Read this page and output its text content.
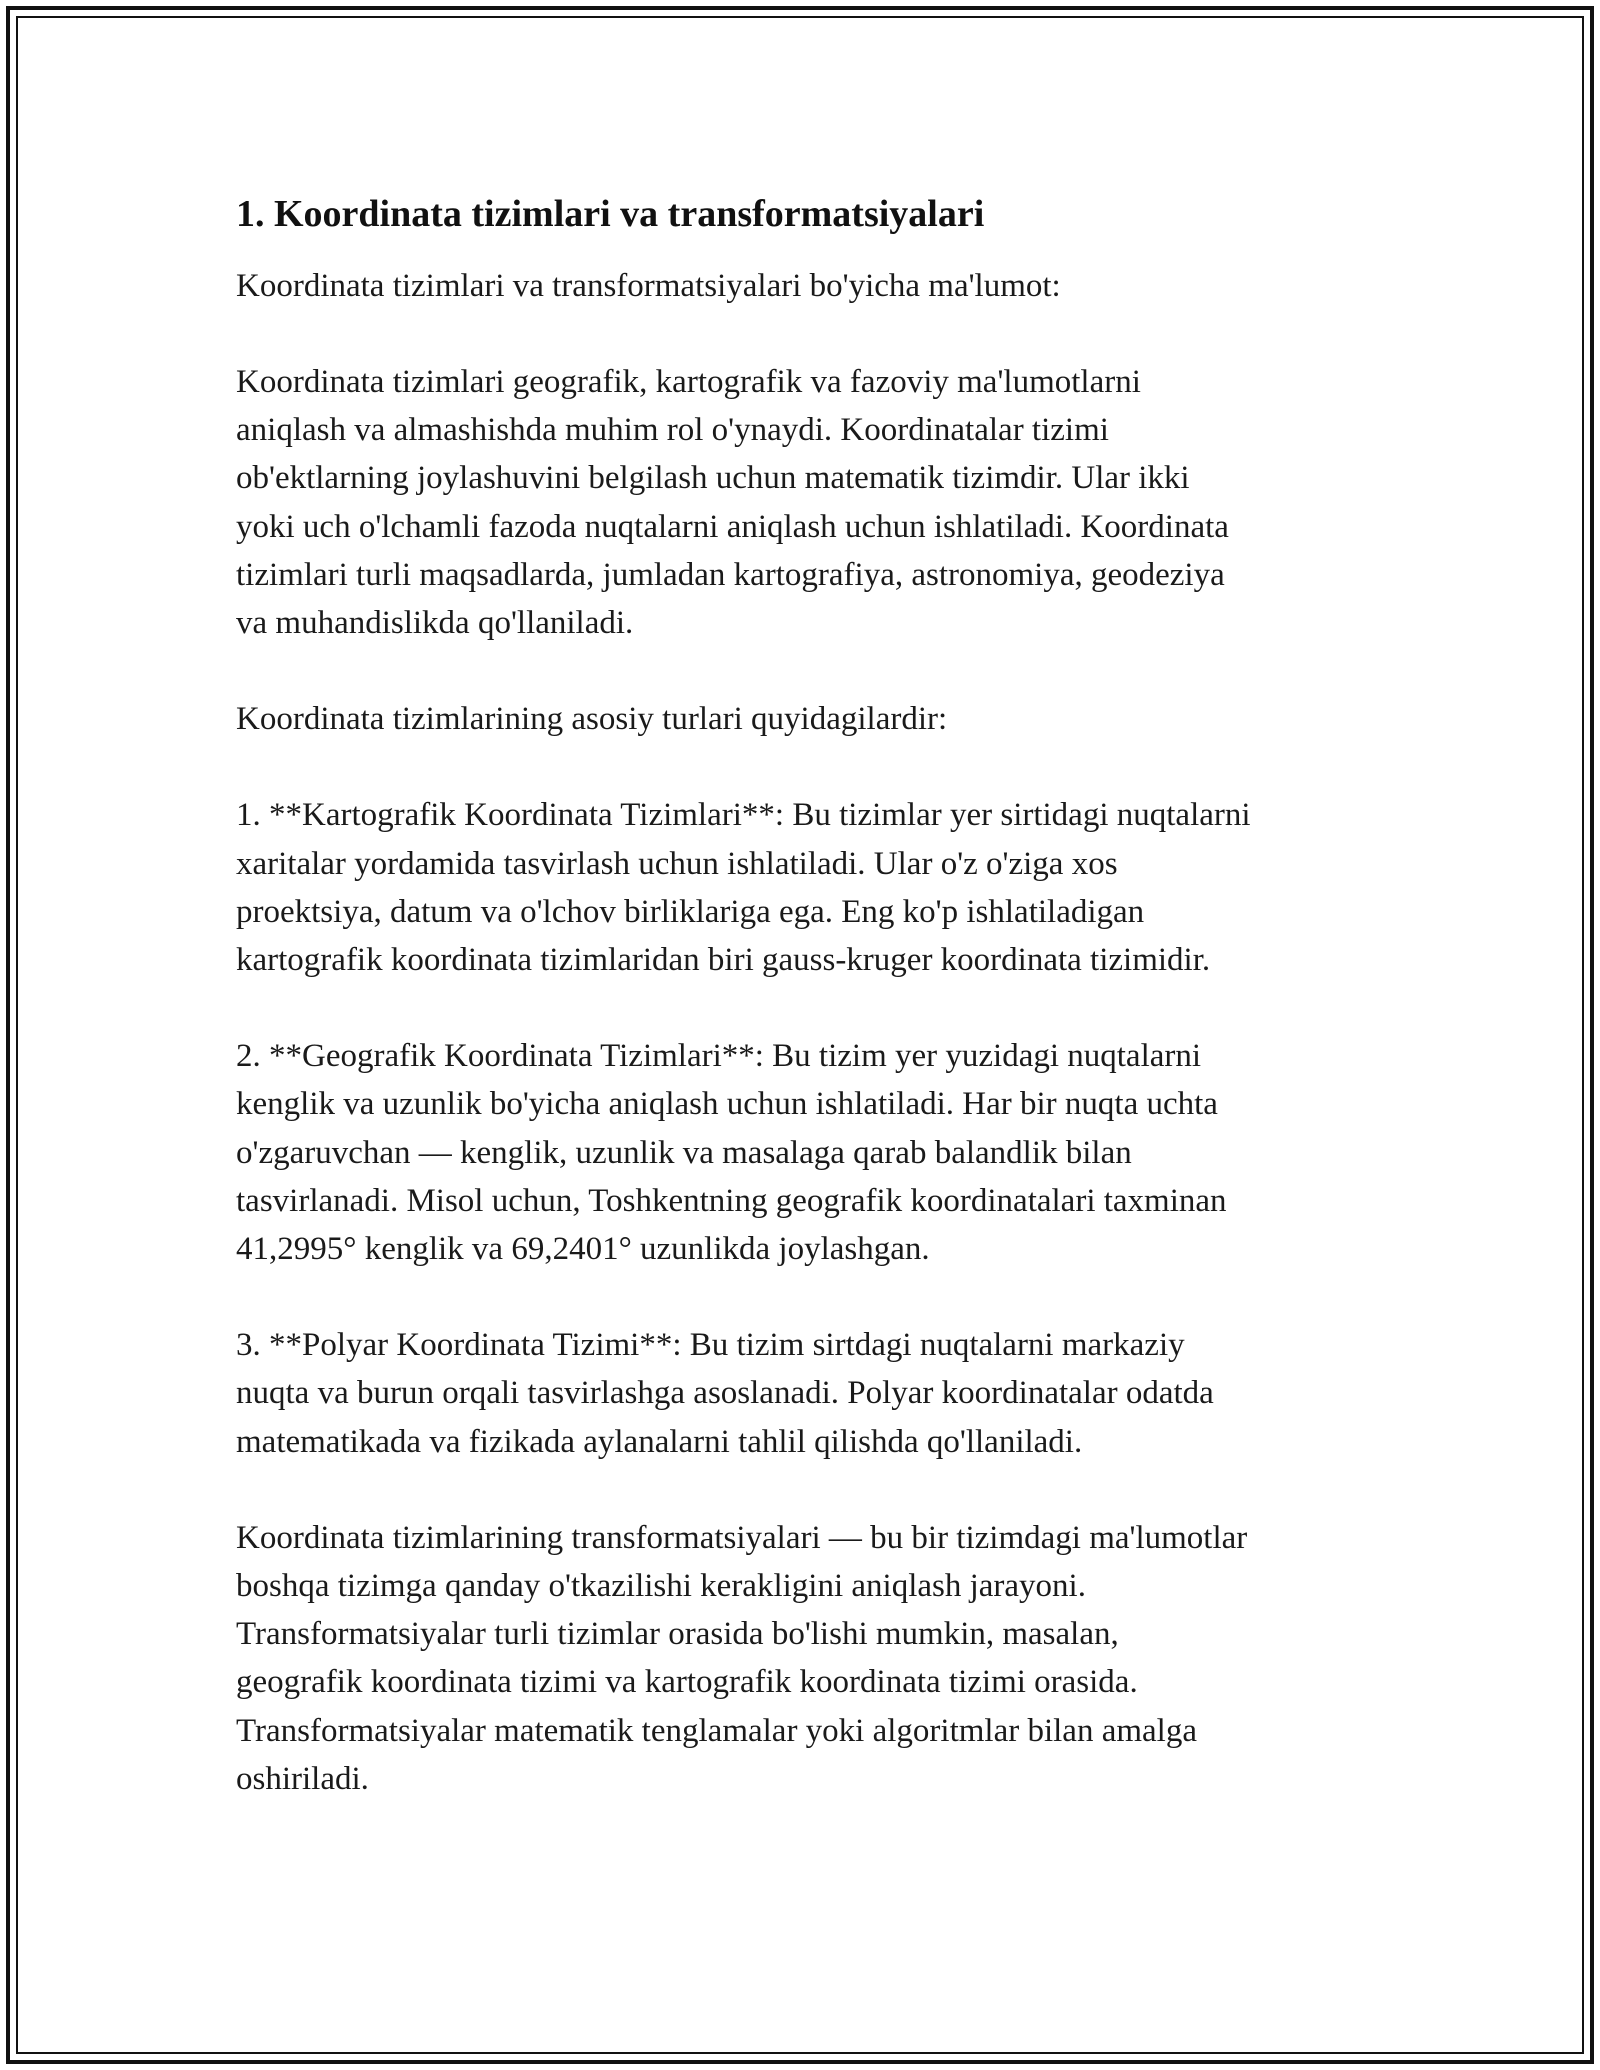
1. Koordinata tizimlari va transformatsiyalari
Koordinata tizimlari va transformatsiyalari bo'yicha ma'lumot:

Koordinata tizimlari geografik, kartografik va fazoviy ma'lumotlarni
aniqlash va almashishda muhim rol o'ynaydi. Koordinatalar tizimi
ob'ektlarning joylashuvini belgilash uchun matematik tizimdir. Ular ikki
yoki uch o'lchamli fazoda nuqtalarni aniqlash uchun ishlatiladi. Koordinata
tizimlari turli maqsadlarda, jumladan kartografiya, astronomiya, geodeziya
va muhandislikda qo'llaniladi.

Koordinata tizimlarining asosiy turlari quyidagilardir:

1. **Kartografik Koordinata Tizimlari**: Bu tizimlar yer sirtidagi nuqtalarni
xaritalar yordamida tasvirlash uchun ishlatiladi. Ular o'z o'ziga xos
proektsiya, datum va o'lchov birliklariga ega. Eng ko'p ishlatiladigan
kartografik koordinata tizimlaridan biri gauss-kruger koordinata tizimidir.

2. **Geografik Koordinata Tizimlari**: Bu tizim yer yuzidagi nuqtalarni
kenglik va uzunlik bo'yicha aniqlash uchun ishlatiladi. Har bir nuqta uchta
o'zgaruvchan — kenglik, uzunlik va masalaga qarab balandlik bilan
tasvirlanadi. Misol uchun, Toshkentning geografik koordinatalari taxminan
41,2995° kenglik va 69,2401° uzunlikda joylashgan.

3. **Polyar Koordinata Tizimi**: Bu tizim sirtdagi nuqtalarni markaziy
nuqta va burun orqali tasvirlashga asoslanadi. Polyar koordinatalar odatda
matematikada va fizikada aylanalarni tahlil qilishda qo'llaniladi.

Koordinata tizimlarining transformatsiyalari — bu bir tizimdagi ma'lumotlar
boshqa tizimga qanday o'tkazilishi kerakligini aniqlash jarayoni.
Transformatsiyalar turli tizimlar orasida bo'lishi mumkin, masalan,
geografik koordinata tizimi va kartografik koordinata tizimi orasida.
Transformatsiyalar matematik tenglamalar yoki algoritmlar bilan amalga
oshiriladi.
